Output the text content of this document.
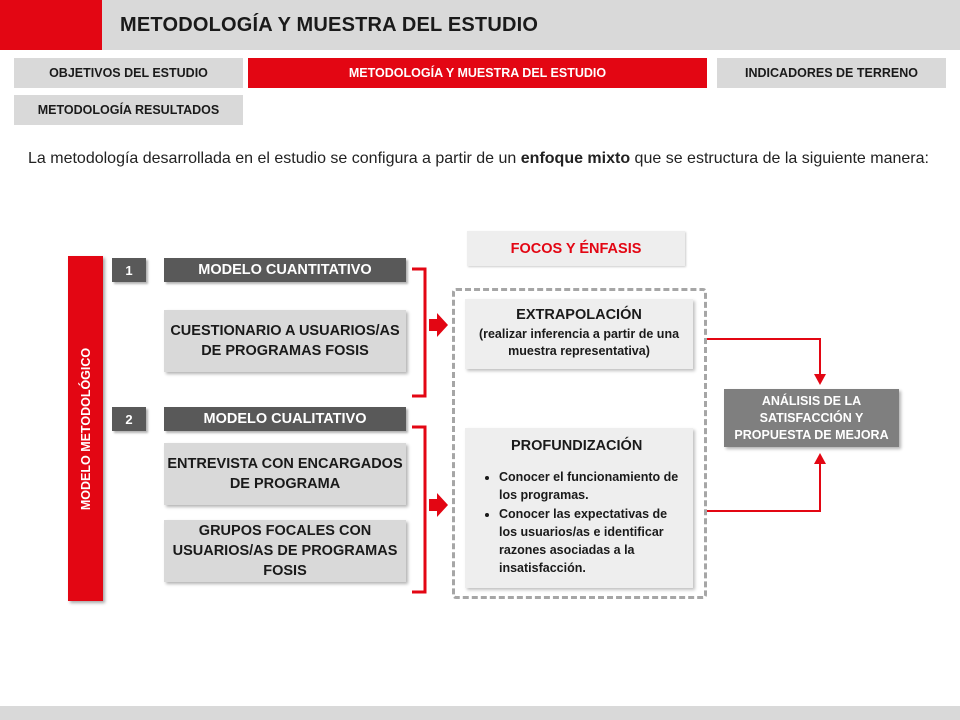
METODOLOGÍA Y MUESTRA DEL ESTUDIO
OBJETIVOS DEL ESTUDIO	METODOLOGÍA Y MUESTRA DEL ESTUDIO	INDICADORES DE TERRENO
METODOLOGÍA RESULTADOS
La metodología desarrollada en el estudio se configura a partir de un enfoque mixto que se estructura de la siguiente manera:
MODELO METODOLÓGICO
1	MODELO CUANTITATIVO
CUESTIONARIO A USUARIOS/AS DE PROGRAMAS FOSIS
2	MODELO CUALITATIVO
ENTREVISTA CON ENCARGADOS DE PROGRAMA
GRUPOS FOCALES CON USUARIOS/AS DE PROGRAMAS FOSIS
FOCOS Y ÉNFASIS
EXTRAPOLACIÓN
(realizar inferencia a partir de una muestra representativa)
PROFUNDIZACIÓN
• Conocer el funcionamiento de los programas.
• Conocer las expectativas de los usuarios/as e identificar razones asociadas a la insatisfacción.
ANÁLISIS DE LA SATISFACCIÓN Y PROPUESTA DE MEJORA
